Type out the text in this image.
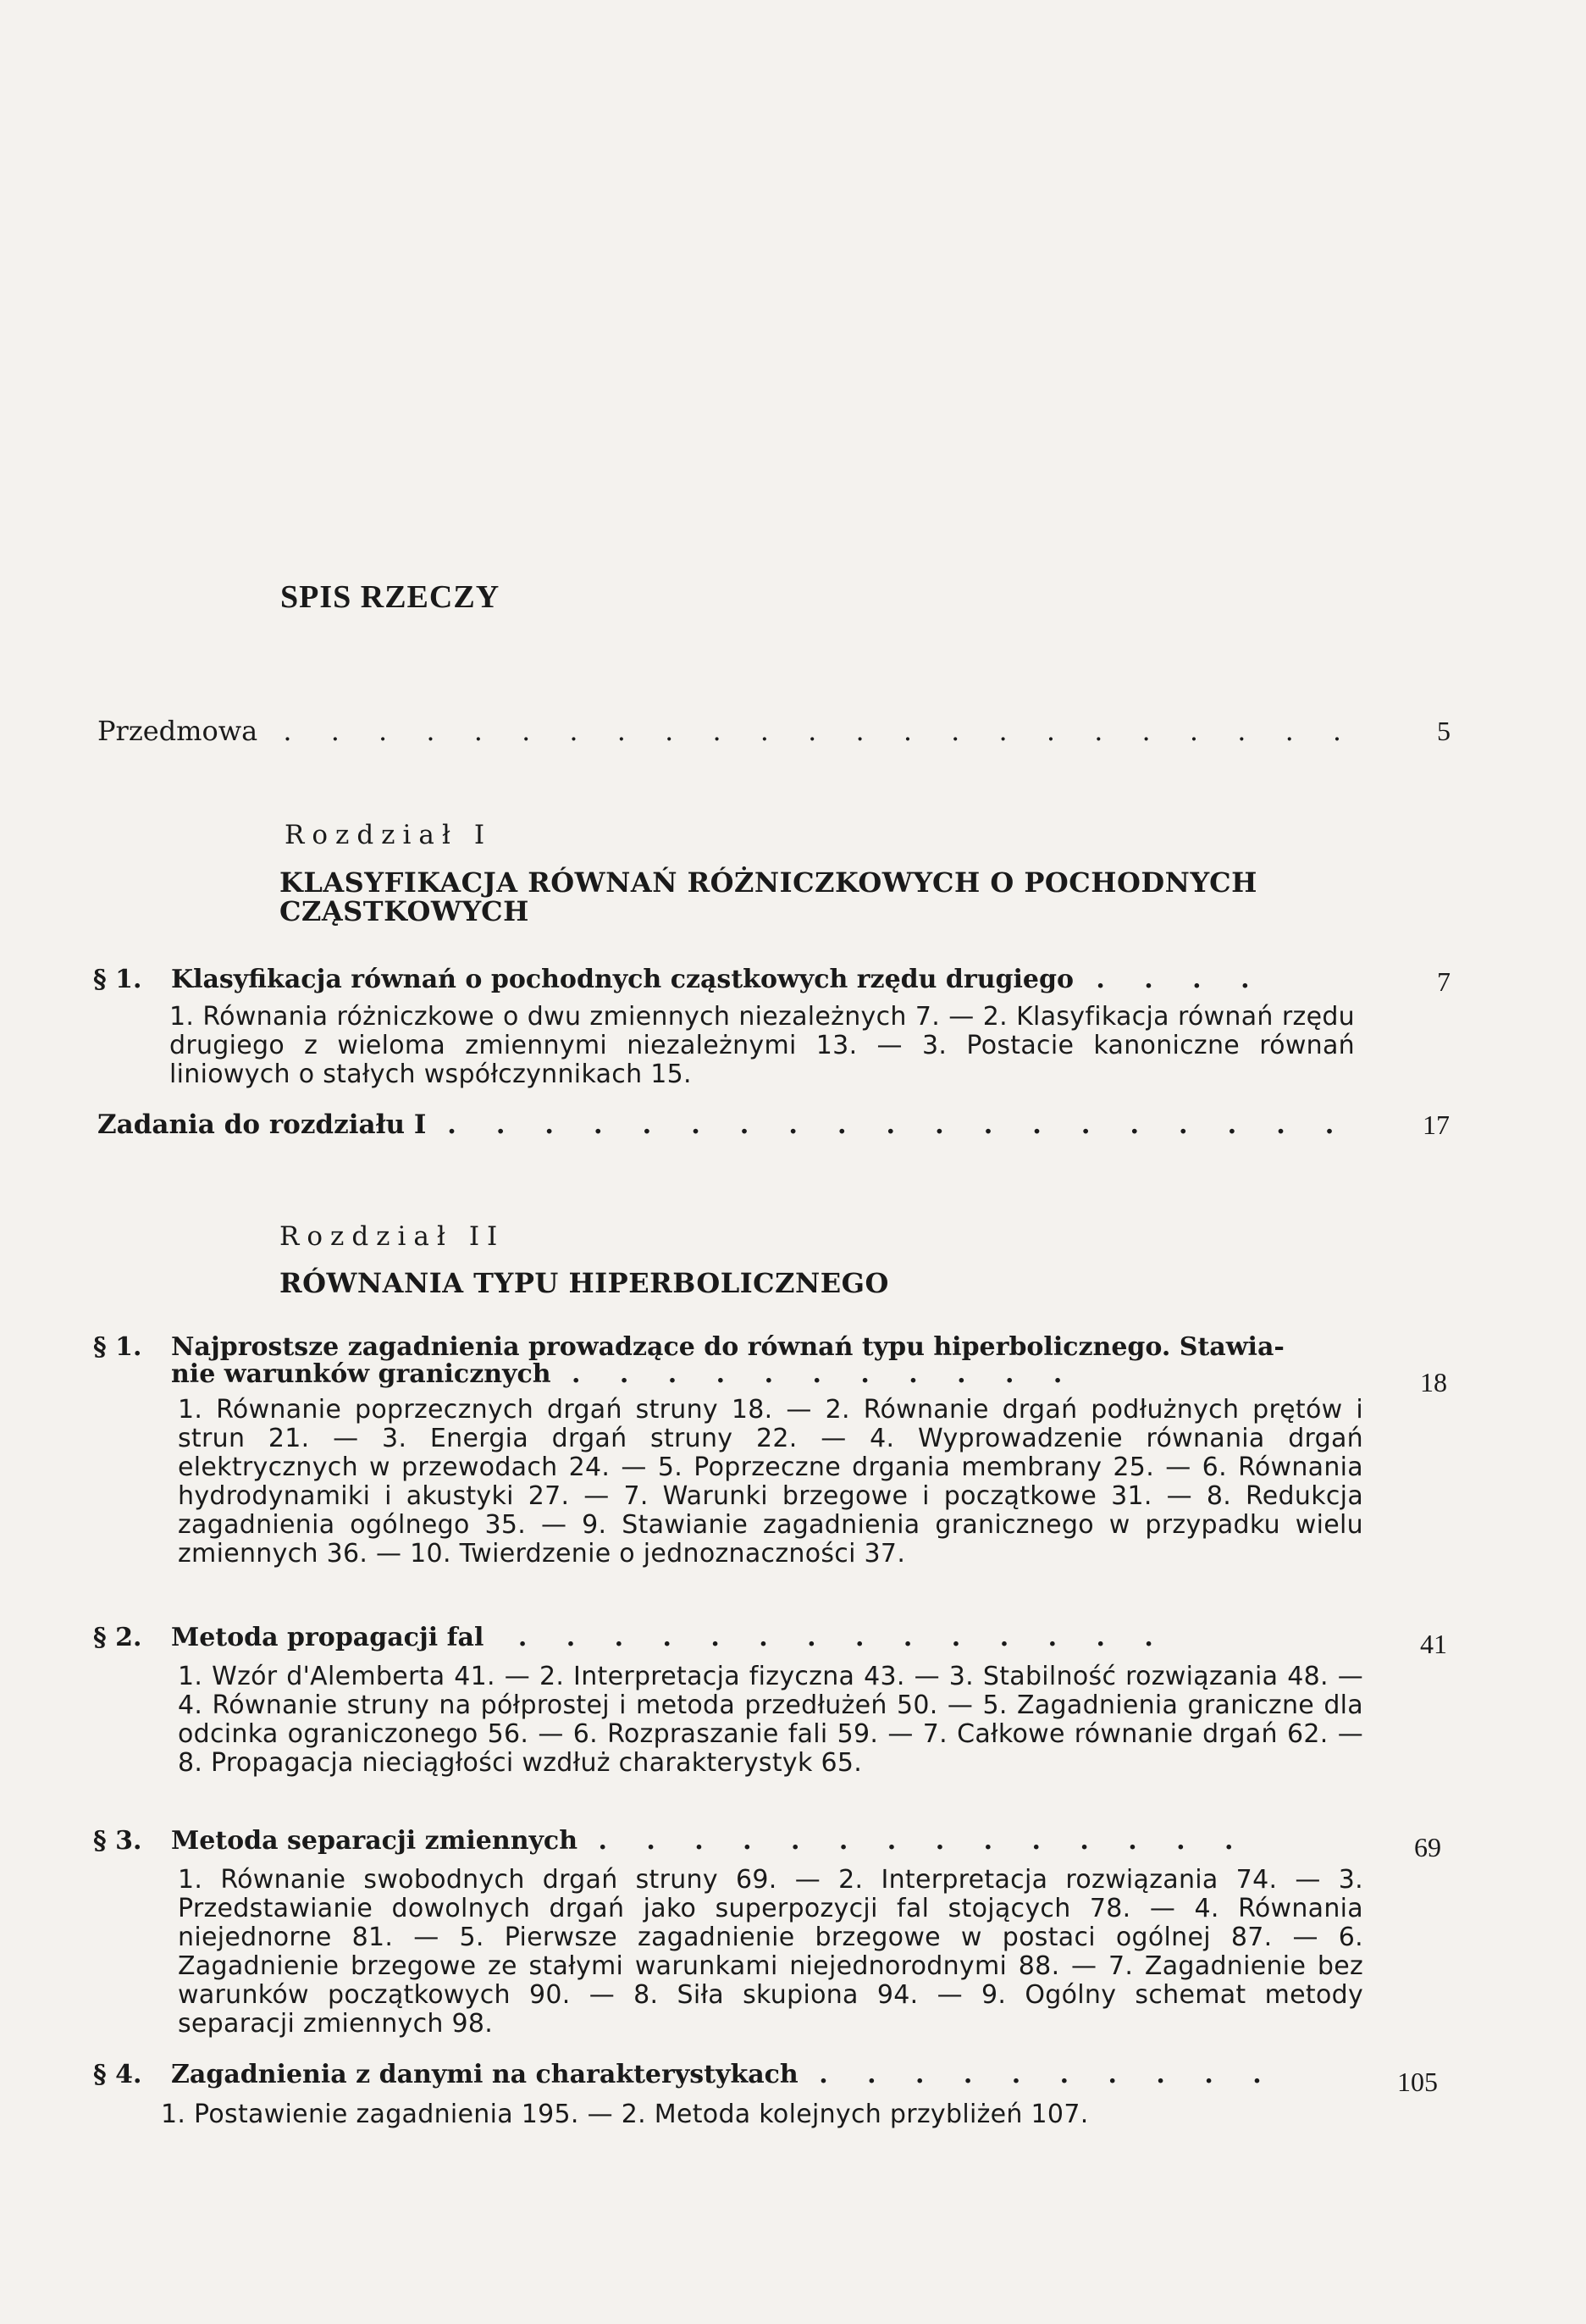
SPIS RZECZY
Przedmowa . . . . . . . . . . . . . . . . . . . . . . .	5
Rozdział I
KLASYFIKACJA RÓWNAŃ RÓŻNICZKOWYCH O POCHODNYCH
CZĄSTKOWYCH
§ 1. Klasyfikacja równań o pochodnych cząstkowych rzędu drugiego . . . .	7
1. Równania różniczkowe o dwu zmiennych niezależnych 7. — 2. Klasyfikacja równań rzędu drugiego z wieloma zmiennymi niezależnymi 13. — 3. Postacie kanoniczne równań liniowych o stałych współczynnikach 15.
Zadania do rozdziału I . . . . . . . . . . . . . . . . . . .	17
Rozdział II
RÓWNANIA TYPU HIPERBOLICZNEGO
§ 1. Najprostsze zagadnienia prowadzące do równań typu hiperbolicznego. Stawia-
nie warunków granicznych . . . . . . . . . . .	18
1. Równanie poprzecznych drgań struny 18. — 2. Równanie drgań podłużnych prętów i strun 21. — 3. Energia drgań struny 22. — 4. Wyprowadzenie równania drgań elektrycznych w przewodach 24. — 5. Poprzeczne drgania membrany 25. — 6. Równania hydrodynamiki i akustyki 27. — 7. Warunki brzegowe i początkowe 31. — 8. Redukcja zagadnienia ogólnego 35. — 9. Stawianie zagadnienia granicznego w przypadku wielu zmiennych 36. — 10. Twierdzenie o jednoznaczności 37.
§ 2. Metoda propagacji fal . . . . . . . . . . . . . .	41
1. Wzór d'Alemberta 41. — 2. Interpretacja fizyczna 43. — 3. Stabilność rozwiązania 48. — 4. Równanie struny na półprostej i metoda przedłużeń 50. — 5. Zagadnienia graniczne dla odcinka ograniczonego 56. — 6. Rozpraszanie fali 59. — 7. Całkowe równanie drgań 62. — 8. Propagacja nieciągłości wzdłuż charakterystyk 65.
§ 3. Metoda separacji zmiennych . . . . . . . . . . . . . .	69
1. Równanie swobodnych drgań struny 69. — 2. Interpretacja rozwiązania 74. — 3. Przedstawianie dowolnych drgań jako superpozycji fal stojących 78. — 4. Równania niejednorne 81. — 5. Pierwsze zagadnienie brzegowe w postaci ogólnej 87. — 6. Zagadnienie brzegowe ze stałymi warunkami niejednorodnymi 88. — 7. Zagadnienie bez warunków początkowych 90. — 8. Siła skupiona 94. — 9. Ogólny schemat metody separacji zmiennych 98.
§ 4. Zagadnienia z danymi na charakterystykach . . . . . . . . . .	105
1. Postawienie zagadnienia 195. — 2. Metoda kolejnych przybliżeń 107.
